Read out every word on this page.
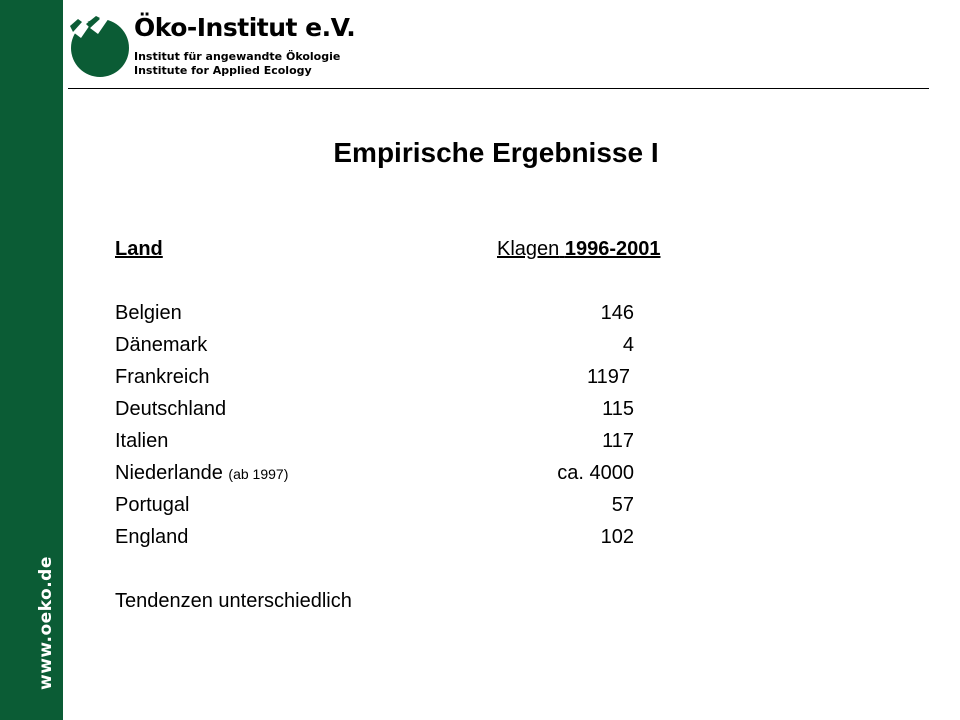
www.oeko.de
Öko-Institut e.V.
Institut für angewandte Ökologie
Institute for Applied Ecology
Empirische Ergebnisse I
Land	Klagen 1996-2001
Belgien	146
Dänemark	4
Frankreich	1197
Deutschland	115
Italien	117
Niederlande (ab 1997)	ca. 4000
Portugal	57
England	102
Tendenzen unterschiedlich
